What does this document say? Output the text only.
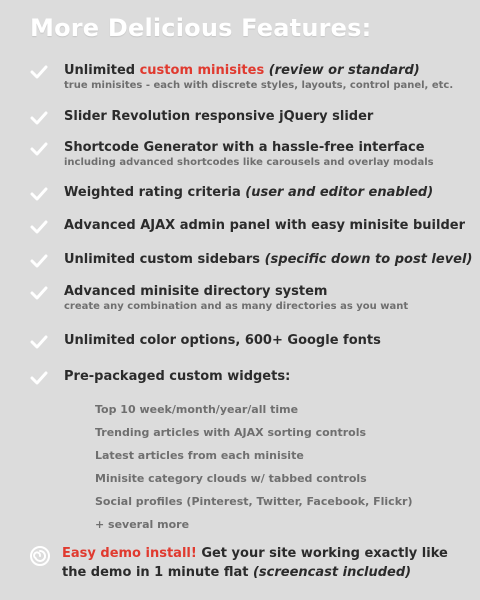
More Delicious Features:
Unlimited custom minisites (review or standard)
true minisites - each with discrete styles, layouts, control panel, etc.
Slider Revolution responsive jQuery slider
Shortcode Generator with a hassle-free interface
including advanced shortcodes like carousels and overlay modals
Weighted rating criteria (user and editor enabled)
Advanced AJAX admin panel with easy minisite builder
Unlimited custom sidebars (specific down to post level)
Advanced minisite directory system
create any combination and as many directories as you want
Unlimited color options, 600+ Google fonts
Pre-packaged custom widgets:
Top 10 week/month/year/all time
Trending articles with AJAX sorting controls
Latest articles from each minisite
Minisite category clouds w/ tabbed controls
Social profiles (Pinterest, Twitter, Facebook, Flickr)
+ several more
Easy demo install! Get your site working exactly like
the demo in 1 minute flat (screencast included)
